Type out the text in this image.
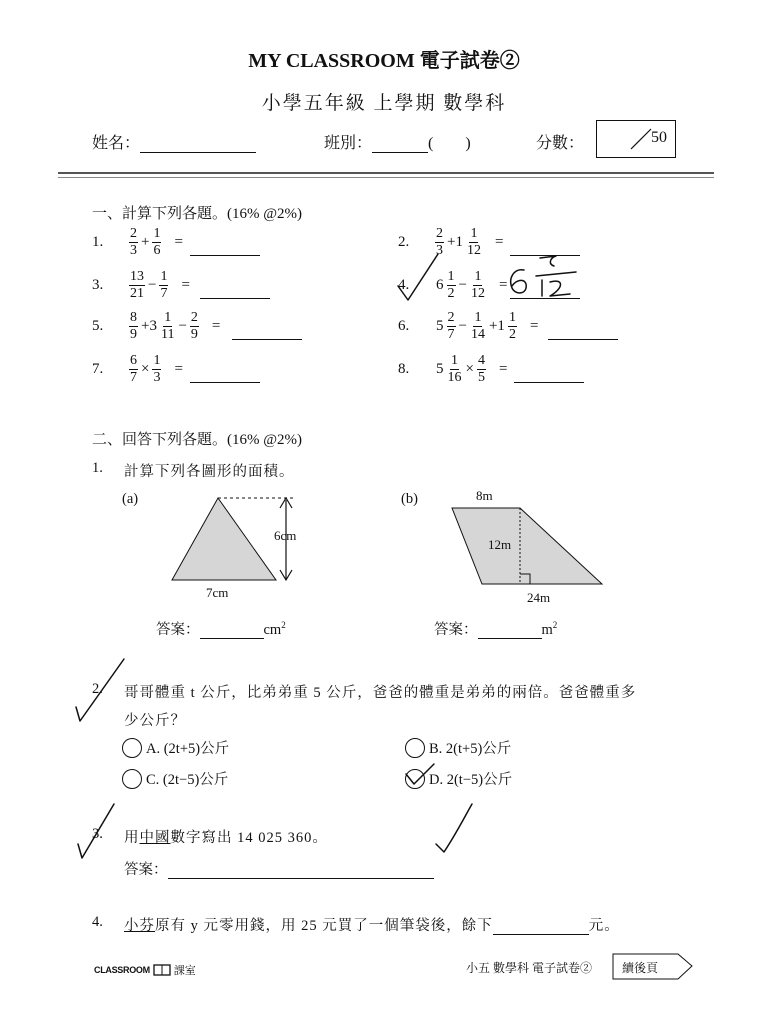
MY CLASSROOM 電子試卷②
小學五年級 上學期 數學科
姓名：	班別：	( )	分數：	50
一、計算下列各題。(16% @2%)
1.	$\frac{2}{3} + \frac{1}{6}$ =	2.	$\frac{2}{3} +1 \frac{1}{12}$ =
3.	$\frac{13}{21} - \frac{1}{7}$ =	4.	$6 \frac{1}{2} - \frac{1}{12}$ =
5.	$\frac{8}{9} +3 \frac{1}{11} - \frac{2}{9}$ =	6.	$5 \frac{2}{7} - \frac{1}{14} +1 \frac{1}{2}$ =
7.	$\frac{6}{7} \times \frac{1}{3}$ =	8.	$5 \frac{1}{16} \times \frac{4}{5}$ =
二、回答下列各題。(16% @2%)
1. 計算下列各圖形的面積。
(a)
6cm
7cm
(b)	8m
12m
24m
答案：	$cm^2$	答案：	$m^2$
2. 哥哥體重 t 公斤，比弟弟重 5 公斤，爸爸的體重是弟弟的兩倍。爸爸體重多
少公斤？
A. (2t+5)公斤	B. 2(t+5)公斤
C. (2t−5)公斤	D. 2(t−5)公斤
3. 用中國數字寫出 14 025 360。
答案：
4. 小芬原有 y 元零用錢，用 25 元買了一個筆袋後，餘下	元。
CLASSROOM 課室	小五 數學科 電子試卷② 續後頁
